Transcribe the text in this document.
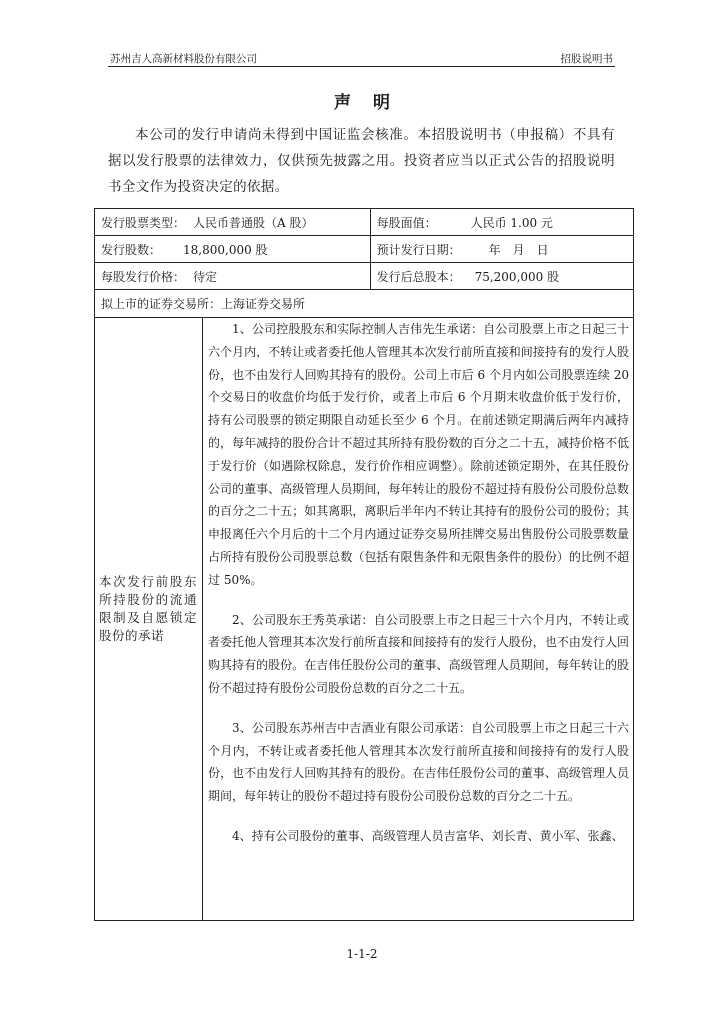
苏州吉人高新材料股份有限公司	招股说明书
声明

本公司的发行申请尚未得到中国证监会核准。本招股说明书（申报稿）不具有据以发行股票的法律效力，仅供预先披露之用。投资者应当以正式公告的招股说明书全文作为投资决定的依据。

发行股票类型： 人民币普通股（A 股）	每股面值： 人民币 1.00 元
发行股数： 18,800,000 股	预计发行日期： 年　月　日
每股发行价格： 待定	发行后总股本： 75,200,000 股
拟上市的证券交易所：上海证券交易所	
本次发行前股东所持股份的流通限制及自愿锁定股份的承诺

1、公司控股股东和实际控制人吉伟先生承诺：自公司股票上市之日起三十六个月内，不转让或者委托他人管理其本次发行前所直接和间接持有的发行人股份，也不由发行人回购其持有的股份。公司上市后 6 个月内如公司股票连续 20 个交易日的收盘价均低于发行价，或者上市后 6 个月期末收盘价低于发行价，持有公司股票的锁定期限自动延长至少 6 个月。在前述锁定期满后两年内减持的，每年减持的股份合计不超过其所持有股份数的百分之二十五，减持价格不低于发行价（如遇除权除息，发行价作相应调整）。除前述锁定期外，在其任股份公司的董事、高级管理人员期间，每年转让的股份不超过持有股份公司股份总数的百分之二十五；如其离职，离职后半年内不转让其持有的股份公司的股份；其申报离任六个月后的十二个月内通过证券交易所挂牌交易出售股份公司股票数量占所持有股份公司股票总数（包括有限售条件和无限售条件的股份）的比例不超过 50%。

2、公司股东王秀英承诺：自公司股票上市之日起三十六个月内，不转让或者委托他人管理其本次发行前所直接和间接持有的发行人股份，也不由发行人回购其持有的股份。在吉伟任股份公司的董事、高级管理人员期间，每年转让的股份不超过持有股份公司股份总数的百分之二十五。

3、公司股东苏州吉中吉酒业有限公司承诺：自公司股票上市之日起三十六个月内，不转让或者委托他人管理其本次发行前所直接和间接持有的发行人股份，也不由发行人回购其持有的股份。在吉伟任股份公司的董事、高级管理人员期间，每年转让的股份不超过持有股份公司股份总数的百分之二十五。

4、持有公司股份的董事、高级管理人员吉富华、刘长青、黄小军、张鑫、

1-1-2
